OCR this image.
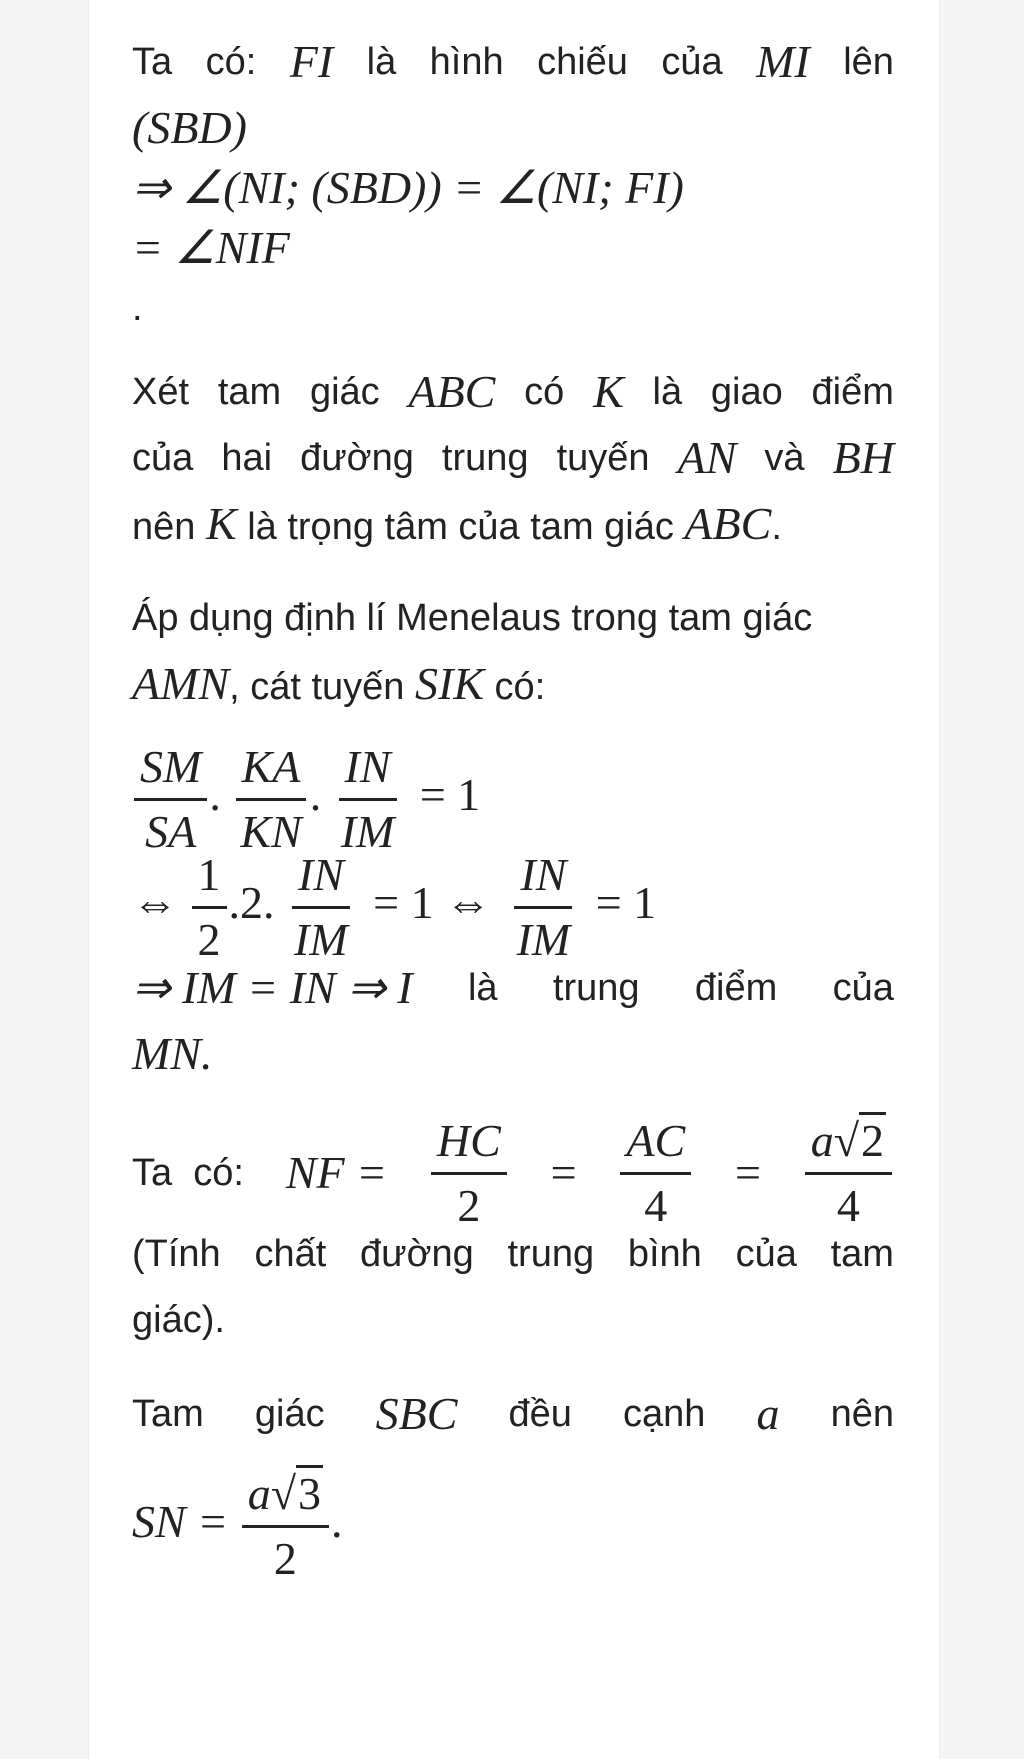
Ta có: FI là hình chiếu của MI lên
(SBD)
⇒ ∠(NI; (SBD)) = ∠(NI; FI)
= ∠NIF
.
Xét tam giác ABC có K là giao điểm
của hai đường trung tuyến AN và BH
nên K là trọng tâm của tam giác ABC.
Áp dụng định lí Menelaus trong tam giác
AMN, cát tuyến SIK có:
$\frac{SM}{SA}$ . $\frac{KA}{KN}$ . $\frac{IN}{IM} = 1$
⇔ $\frac{1}{2} .2$. $\frac{IN}{IM} = 1$ ⇔ $\frac{IN}{IM} = 1$
⇒ IM = IN ⇒ I là trung điểm của
MN.
Ta  có: NF = $\frac{HC}{2} = \frac{AC}{4} = \frac{a√2}{4}$
(Tính chất đường trung bình của tam
giác).
Tam giác SBC đều cạnh a nên
SN = $\frac{a√3}{2}$ .
